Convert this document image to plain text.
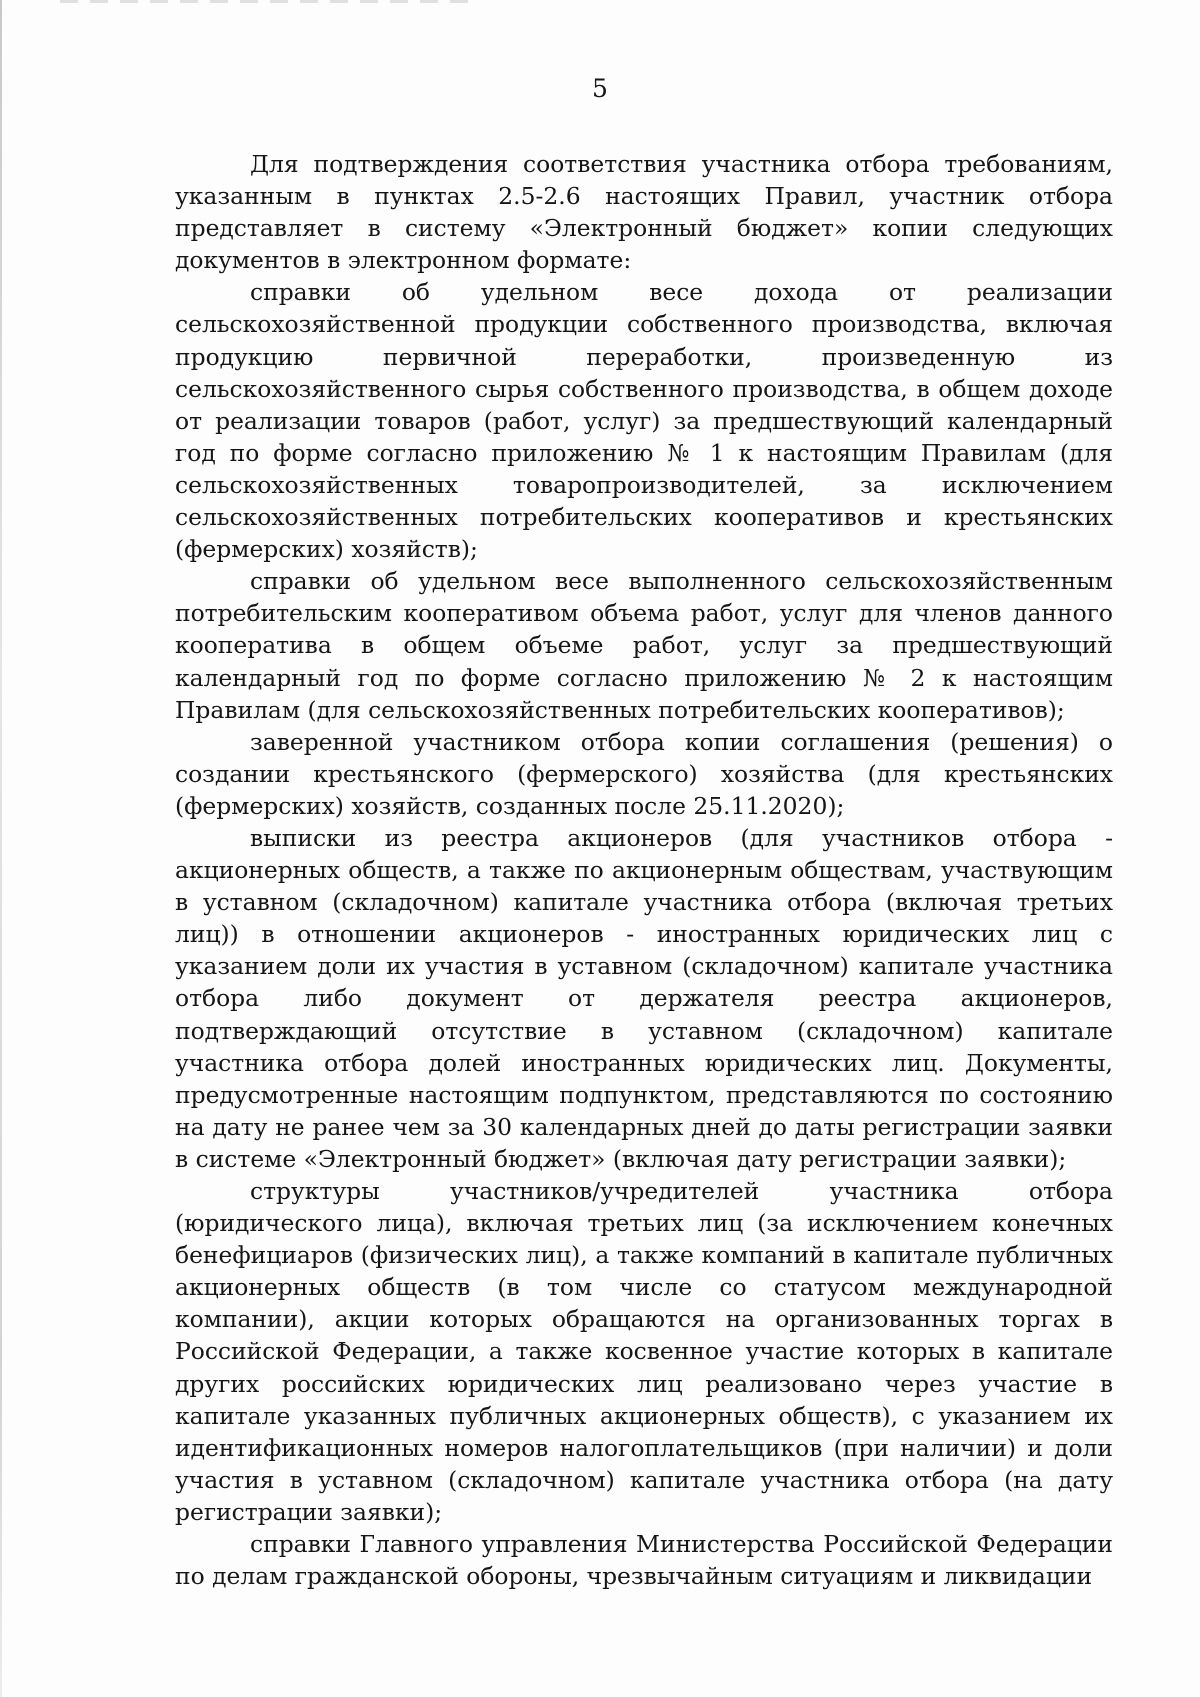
5

Для подтверждения соответствия участника отбора требованиям, указанным в пунктах 2.5-2.6 настоящих Правил, участник отбора представляет в систему «Электронный бюджет» копии следующих документов в электронном формате:

справки об удельном весе дохода от реализации сельскохозяйственной продукции собственного производства, включая продукцию первичной переработки, произведенную из сельскохозяйственного сырья собственного производства, в общем доходе от реализации товаров (работ, услуг) за предшествующий календарный год по форме согласно приложению № 1 к настоящим Правилам (для сельскохозяйственных товаропроизводителей, за исключением сельскохозяйственных потребительских кооперативов и крестьянских (фермерских) хозяйств);

справки об удельном весе выполненного сельскохозяйственным потребительским кооперативом объема работ, услуг для членов данного кооператива в общем объеме работ, услуг за предшествующий календарный год по форме согласно приложению № 2 к настоящим Правилам (для сельскохозяйственных потребительских кооперативов);

заверенной участником отбора копии соглашения (решения) о создании крестьянского (фермерского) хозяйства (для крестьянских (фермерских) хозяйств, созданных после 25.11.2020);

выписки из реестра акционеров (для участников отбора - акционерных обществ, а также по акционерным обществам, участвующим в уставном (складочном) капитале участника отбора (включая третьих лиц)) в отношении акционеров - иностранных юридических лиц с указанием доли их участия в уставном (складочном) капитале участника отбора либо документ от держателя реестра акционеров, подтверждающий отсутствие в уставном (складочном) капитале участника отбора долей иностранных юридических лиц. Документы, предусмотренные настоящим подпунктом, представляются по состоянию на дату не ранее чем за 30 календарных дней до даты регистрации заявки в системе «Электронный бюджет» (включая дату регистрации заявки);

структуры участников/учредителей участника отбора (юридического лица), включая третьих лиц (за исключением конечных бенефициаров (физических лиц), а также компаний в капитале публичных акционерных обществ (в том числе со статусом международной компании), акции которых обращаются на организованных торгах в Российской Федерации, а также косвенное участие которых в капитале других российских юридических лиц реализовано через участие в капитале указанных публичных акционерных обществ), с указанием их идентификационных номеров налогоплательщиков (при наличии) и доли участия в уставном (складочном) капитале участника отбора (на дату регистрации заявки);

справки Главного управления Министерства Российской Федерации по делам гражданской обороны, чрезвычайным ситуациям и ликвидации
